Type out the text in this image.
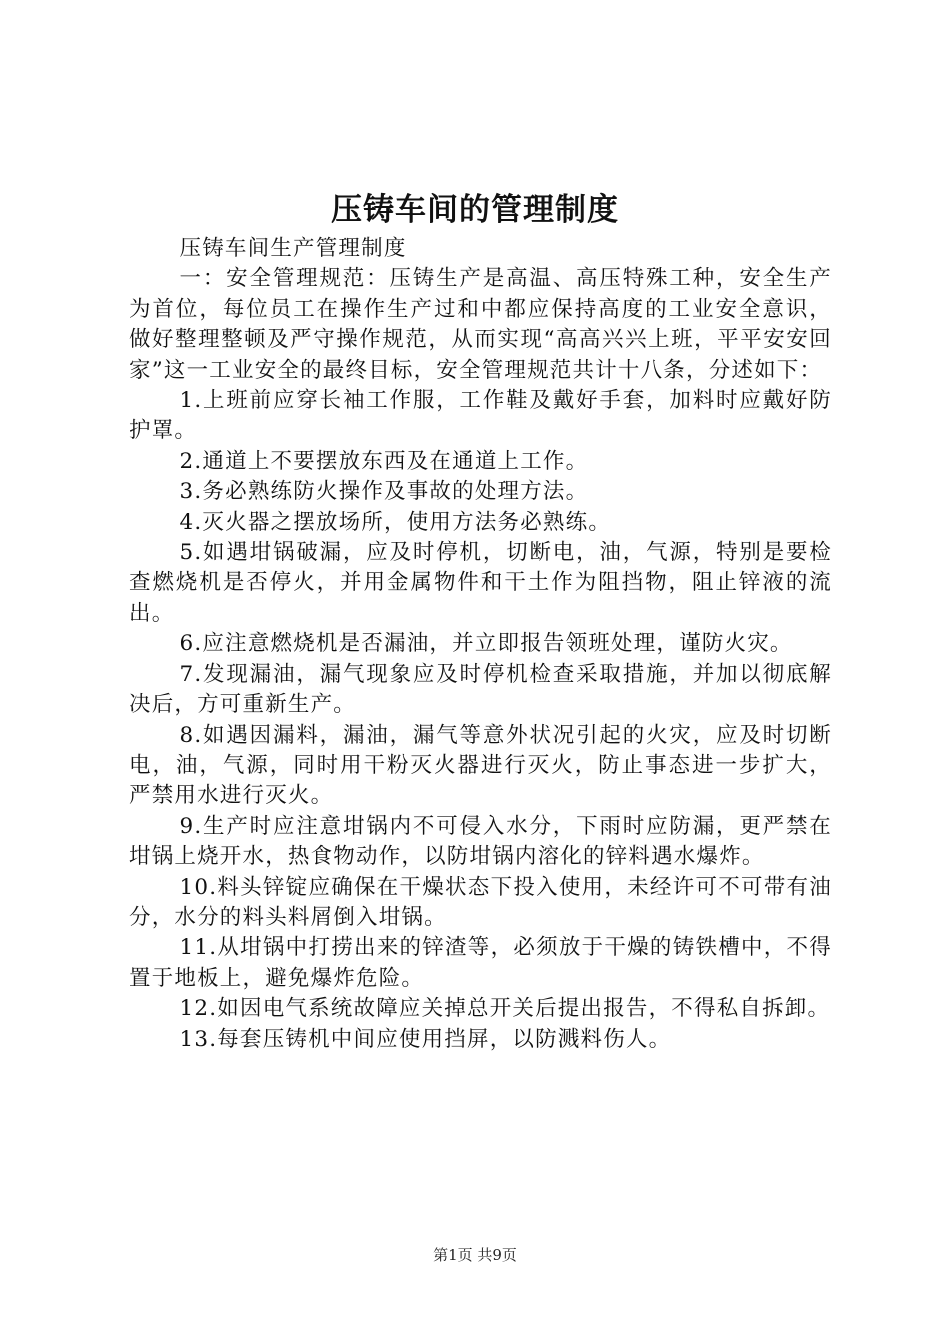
压铸车间的管理制度

压铸车间生产管理制度

一：安全管理规范：压铸生产是高温、高压特殊工种，安全生产为首位，每位员工在操作生产过和中都应保持高度的工业安全意识，做好整理整顿及严守操作规范，从而实现“高高兴兴上班，平平安安回家”这一工业安全的最终目标，安全管理规范共计十八条，分述如下：

1.上班前应穿长袖工作服，工作鞋及戴好手套，加料时应戴好防护罩。

2.通道上不要摆放东西及在通道上工作。

3.务必熟练防火操作及事故的处理方法。

4.灭火器之摆放场所，使用方法务必熟练。

5.如遇坩锅破漏，应及时停机，切断电，油，气源，特别是要检查燃烧机是否停火，并用金属物件和干土作为阻挡物，阻止锌液的流出。

6.应注意燃烧机是否漏油，并立即报告领班处理，谨防火灾。

7.发现漏油，漏气现象应及时停机检查采取措施，并加以彻底解决后，方可重新生产。

8.如遇因漏料，漏油，漏气等意外状况引起的火灾，应及时切断电，油，气源，同时用干粉灭火器进行灭火，防止事态进一步扩大，严禁用水进行灭火。

9.生产时应注意坩锅内不可侵入水分，下雨时应防漏，更严禁在坩锅上烧开水，热食物动作，以防坩锅内溶化的锌料遇水爆炸。

10.料头锌锭应确保在干燥状态下投入使用，未经许可不可带有油分，水分的料头料屑倒入坩锅。

11.从坩锅中打捞出来的锌渣等，必须放于干燥的铸铁槽中，不得置于地板上，避免爆炸危险。

12.如因电气系统故障应关掉总开关后提出报告，不得私自拆卸。

13.每套压铸机中间应使用挡屏，以防溅料伤人。

第1页 共9页
